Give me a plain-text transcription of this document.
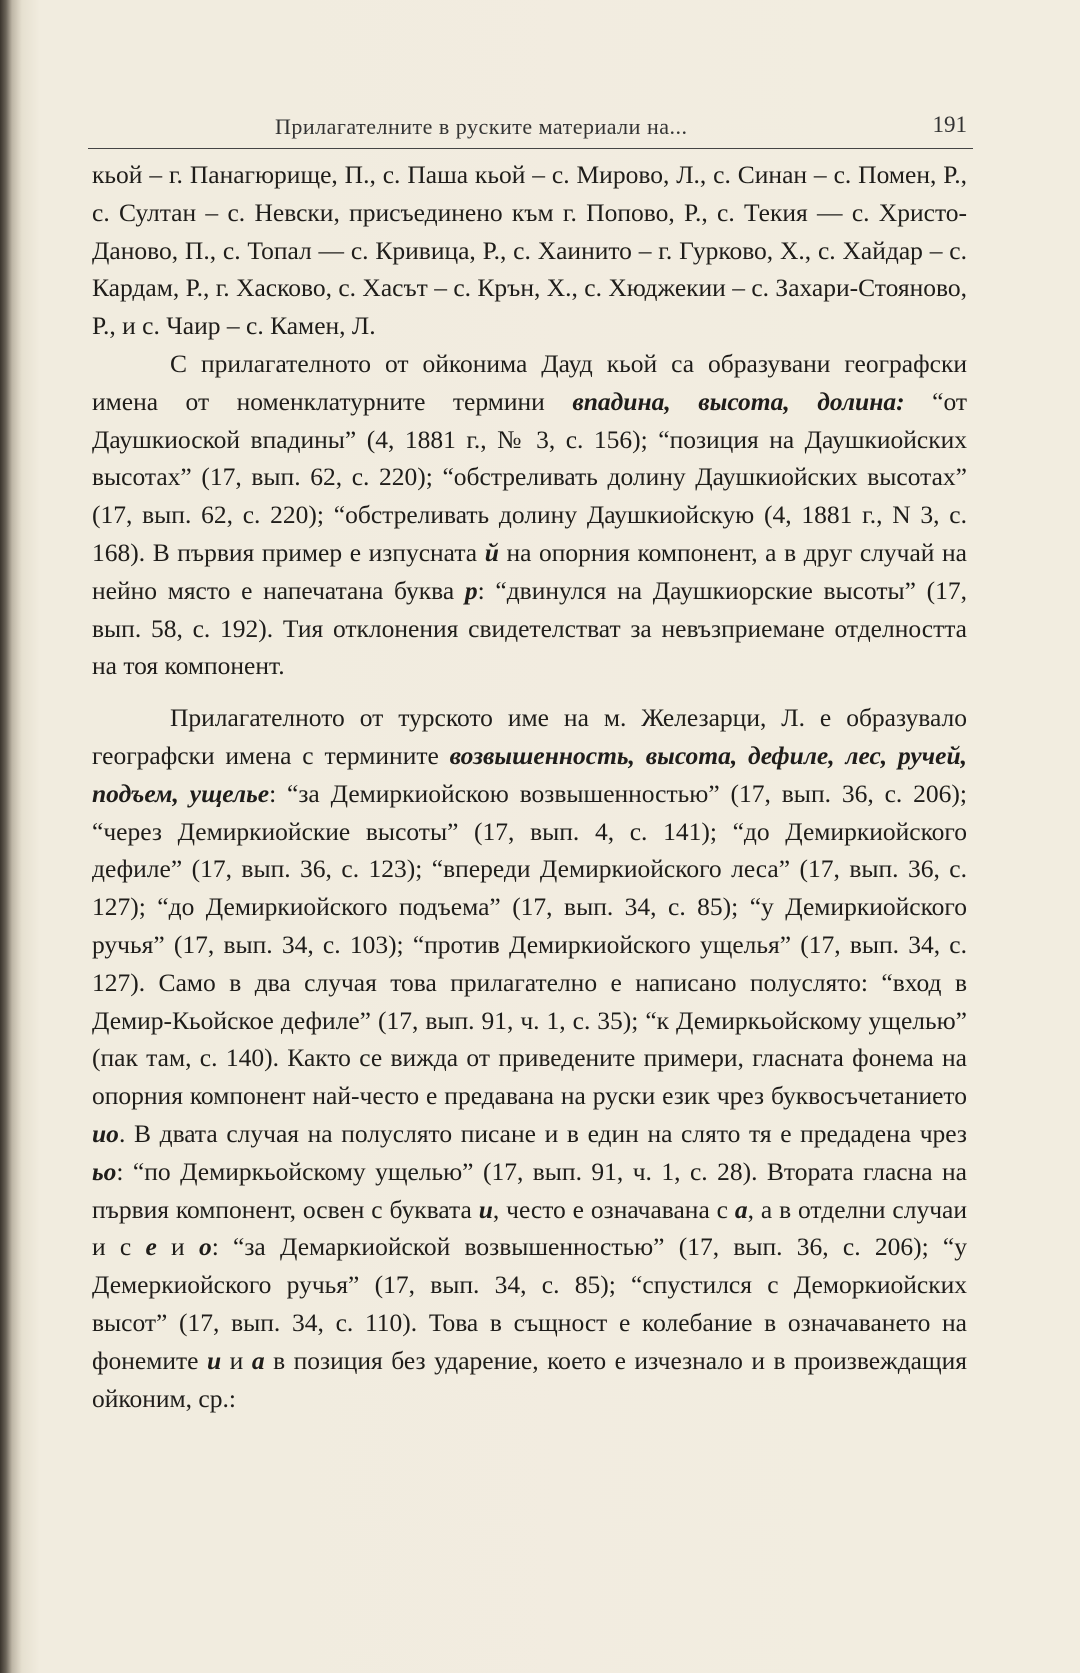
Прилагателните в руските материали на...	191

кьой – г. Панагюрище, П., с. Паша кьой – с. Мирово, Л., с. Синан – с. Помен, Р., с. Султан – с. Невски, присъединено към г. Попово, Р., с. Текия — с. Христо-Даново, П., с. Топал — с. Кривица, Р., с. Хаинито – г. Гурково, Х., с. Хайдар – с. Кардам, Р., г. Хасково, с. Хасът – с. Крън, Х., с. Хюджекии – с. Захари-Стояново, Р., и с. Чаир – с. Камен, Л.

С прилагателното от ойконима Дауд кьой са образувани географски имена от номенклатурните термини впадина, высота, долина: “от Даушкиоской впадины” (4, 1881 г., № 3, с. 156); “позиция на Даушкиойских высотах” (17, вып. 62, с. 220); “обстреливать долину Даушкиойских высотах” (17, вып. 62, с. 220); “обстреливать долину Даушкиойскую (4, 1881 г., N 3, с. 168). В първия пример е изпусната й на опорния компонент, а в друг случай на нейно място е напечатана буква р: “двинулся на Даушкиорские высоты” (17, вып. 58, с. 192). Тия отклонения свидетелстват за невъзприемане отделността на тоя компонент.

Прилагателното от турското име на м. Железарци, Л. е образувало географски имена с термините возвышенность, высота, дефиле, лес, ручей, подъем, ущелье: “за Демиркиойскою возвышенностью” (17, вып. 36, с. 206); “через Демиркиойские высоты” (17, вып. 4, с. 141); “до Демиркиойского дефиле” (17, вып. 36, с. 123); “впереди Демиркиойского леса” (17, вып. 36, с. 127); “до Демиркиойского подъема” (17, вып. 34, с. 85); “у Демиркиойского ручья” (17, вып. 34, с. 103); “против Демиркиойского ущелья” (17, вып. 34, с. 127). Само в два случая това прилагателно е написано полуслято: “вход в Демир-Кьойское дефиле” (17, вып. 91, ч. 1, с. 35); “к Демиркьойскому ущелью” (пак там, с. 140). Както се вижда от приведените примери, гласната фонема на опорния компонент най-често е предавана на руски език чрез буквосъчетанието ио. В двата случая на полуслято писане и в един на слято тя е предадена чрез ьо: “по Демиркьойскому ущелью” (17, вып. 91, ч. 1, с. 28). Втората гласна на първия компонент, освен с буквата и, често е означавана с а, а в отделни случаи и с е и о: “за Демаркиойской возвышенностью” (17, вып. 36, с. 206); “у Демеркиойского ручья” (17, вып. 34, с. 85); “спустился с Деморкиойских высот” (17, вып. 34, с. 110). Това в същност е колебание в означаването на фонемите и и а в позиция без ударение, което е изчезнало и в произвеждащия ойконим, ср.:
